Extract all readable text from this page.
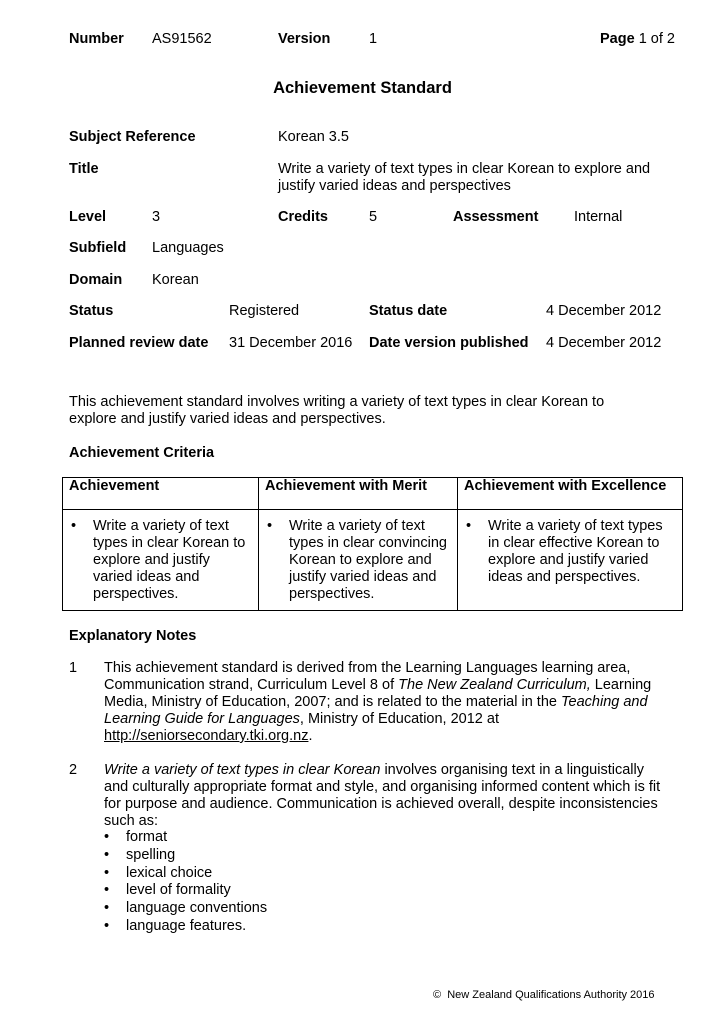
Number AS91562	Version	1	Page 1 of 2
Achievement Standard
Subject Reference	Korean 3.5
Title	Write a variety of text types in clear Korean to explore and justify varied ideas and perspectives
Level	3	Credits	5	Assessment Internal
Subfield Languages
Domain Korean
Status	Registered	Status date	4 December 2012
Planned review date 31 December 2016 Date version published 4 December 2012
This achievement standard involves writing a variety of text types in clear Korean to explore and justify varied ideas and perspectives.
Achievement Criteria
Achievement	Achievement with Merit	Achievement with Excellence

• Write a variety of text types in clear Korean to explore and justify varied ideas and perspectives.	• Write a variety of text types in clear convincing Korean to explore and justify varied ideas and perspectives.	• Write a variety of text types in clear effective Korean to explore and justify varied ideas and perspectives.
Explanatory Notes
1 This achievement standard is derived from the Learning Languages learning area, Communication strand, Curriculum Level 8 of The New Zealand Curriculum, Learning Media, Ministry of Education, 2007; and is related to the material in the Teaching and Learning Guide for Languages, Ministry of Education, 2012 at http://seniorsecondary.tki.org.nz.
2 Write a variety of text types in clear Korean involves organising text in a linguistically and culturally appropriate format and style, and organising informed content which is fit for purpose and audience. Communication is achieved overall, despite inconsistencies such as:
•	format
•	spelling
•	lexical choice
•	level of formality
•	language conventions
•	language features.
© New Zealand Qualifications Authority 2016
